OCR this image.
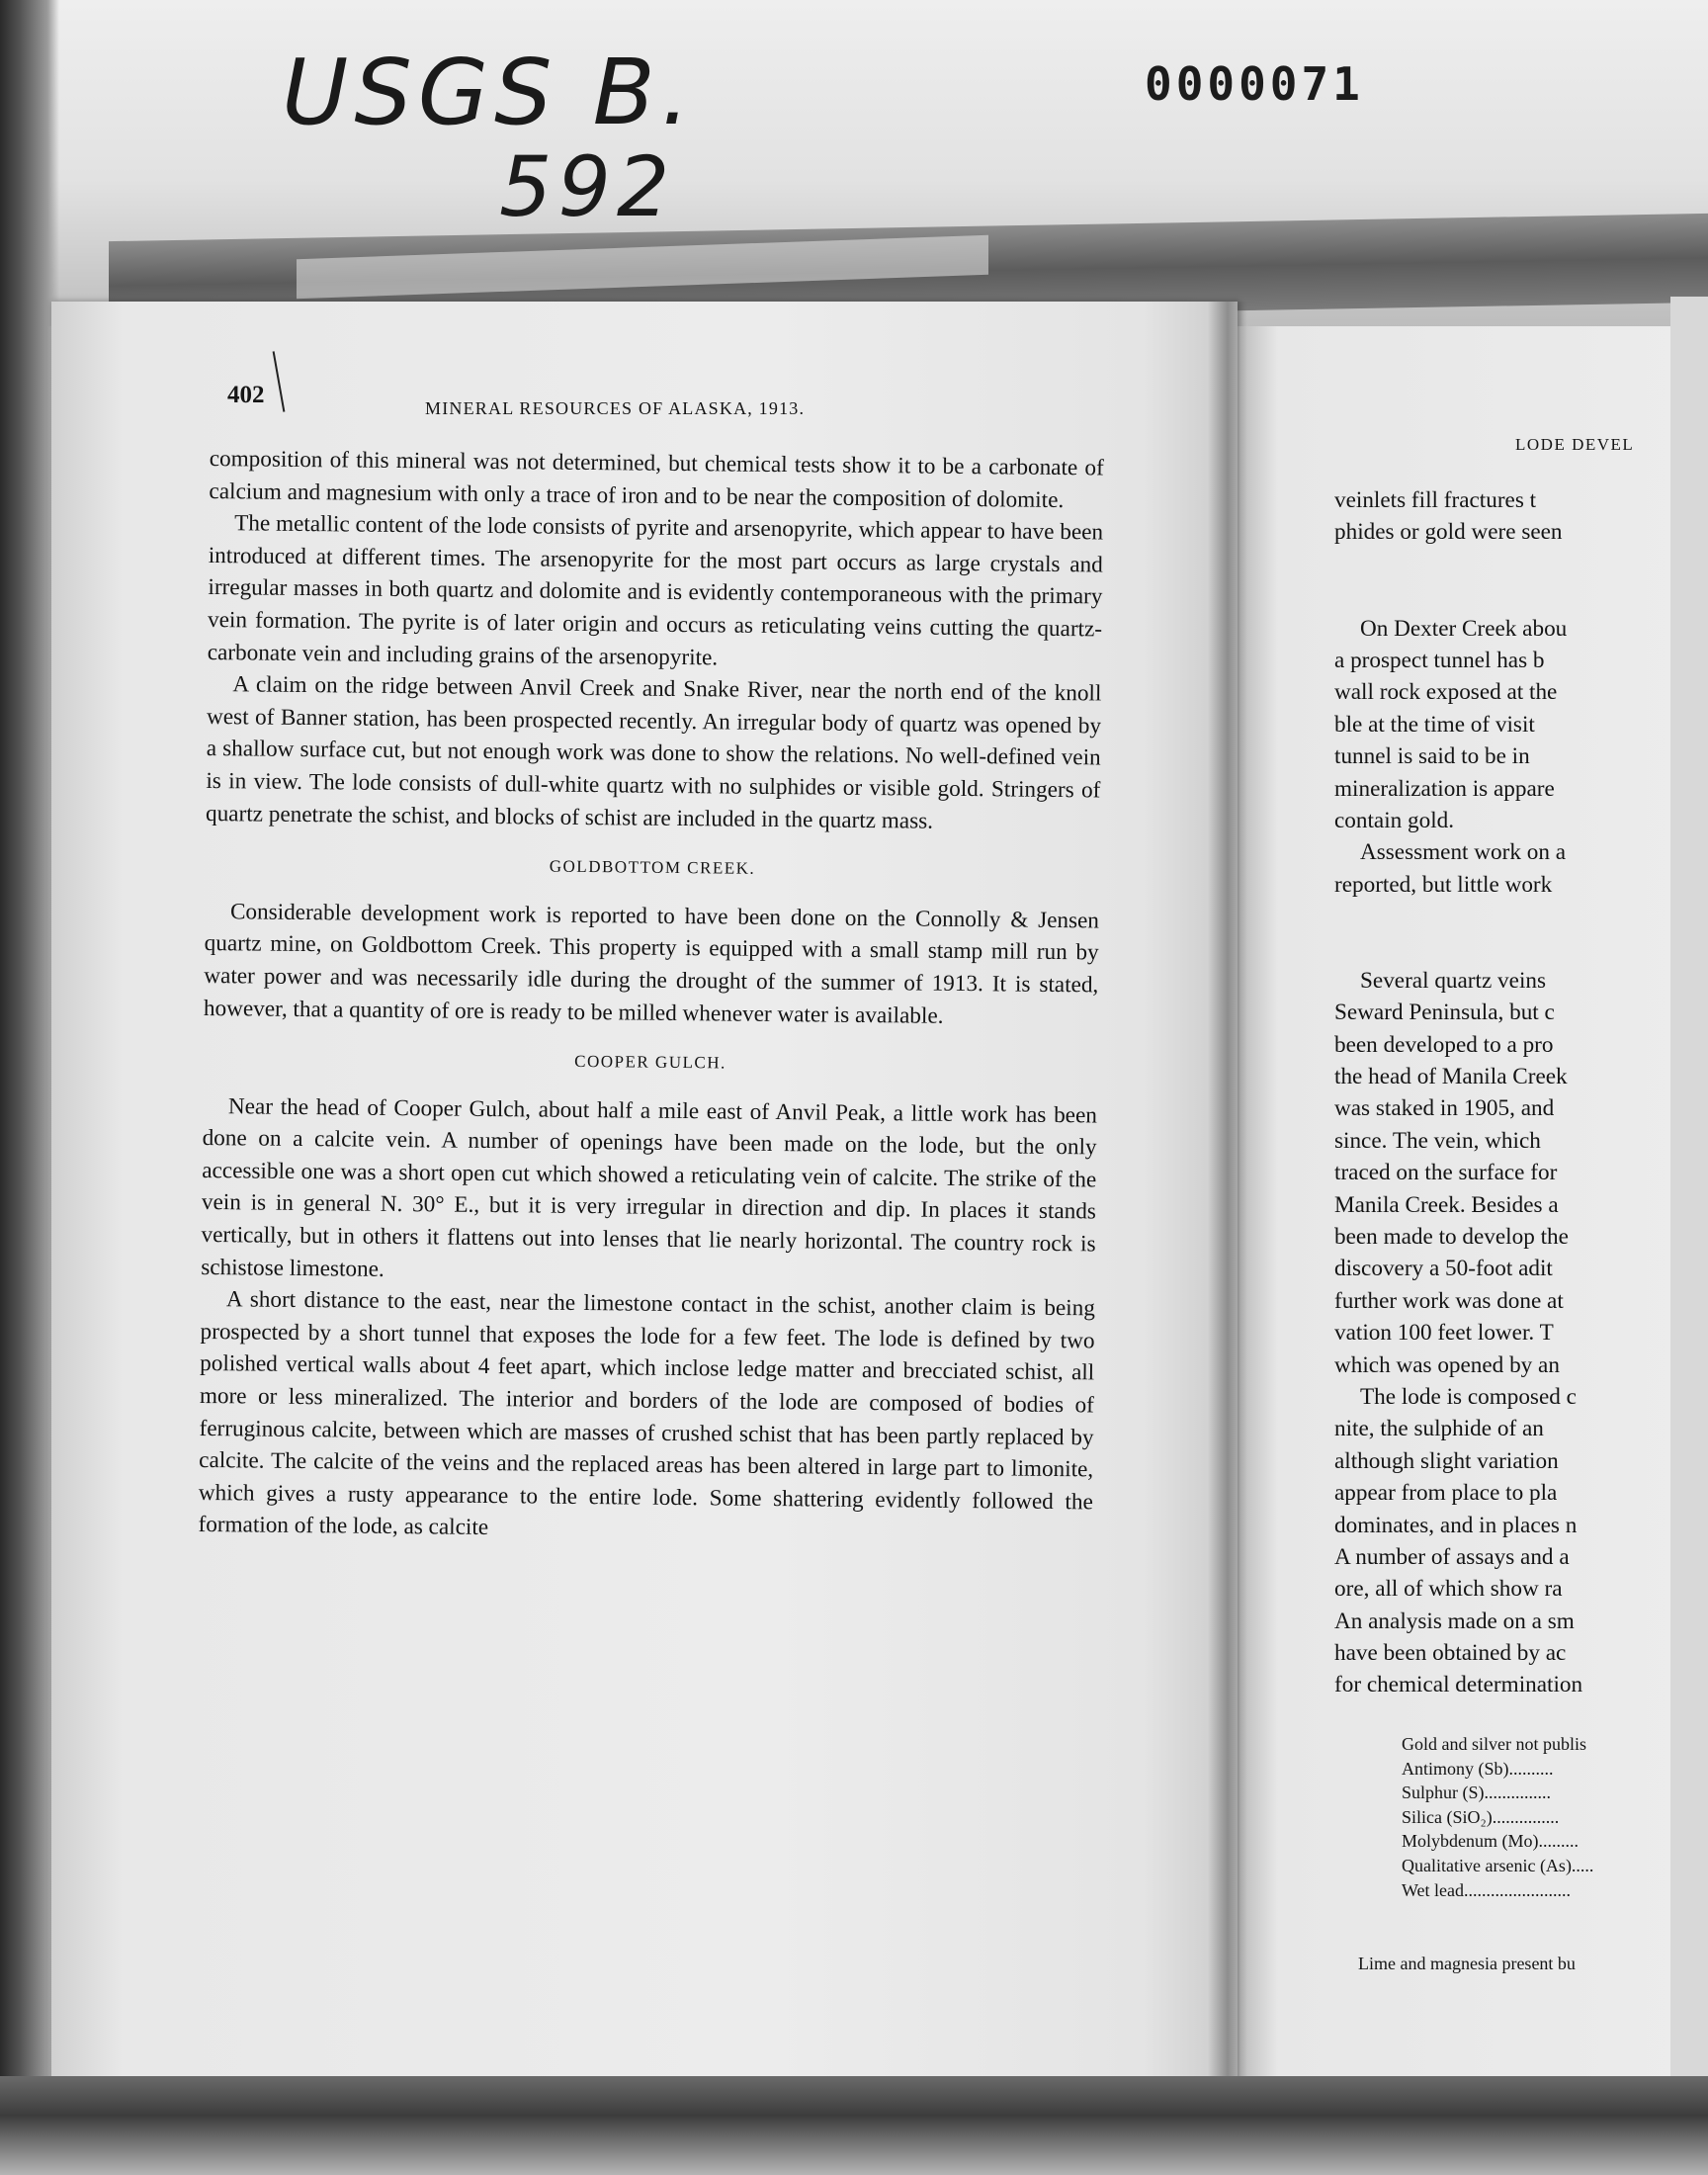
USGS B.
592
0000071
402	MINERAL RESOURCES OF ALASKA, 1913.

composition of this mineral was not determined, but chemical tests show it to be a carbonate of calcium and magnesium with only a trace of iron and to be near the composition of dolomite.

The metallic content of the lode consists of pyrite and arsenopyrite, which appear to have been introduced at different times. The arsenopyrite for the most part occurs as large crystals and irregular masses in both quartz and dolomite and is evidently contemporaneous with the primary vein formation. The pyrite is of later origin and occurs as reticulating veins cutting the quartz-carbonate vein and including grains of the arsenopyrite.

A claim on the ridge between Anvil Creek and Snake River, near the north end of the knoll west of Banner station, has been prospected recently. An irregular body of quartz was opened by a shallow surface cut, but not enough work was done to show the relations. No well-defined vein is in view. The lode consists of dull-white quartz with no sulphides or visible gold. Stringers of quartz penetrate the schist, and blocks of schist are included in the quartz mass.

GOLDBOTTOM CREEK.

Considerable development work is reported to have been done on the Connolly & Jensen quartz mine, on Goldbottom Creek. This property is equipped with a small stamp mill run by water power and was necessarily idle during the drought of the summer of 1913. It is stated, however, that a quantity of ore is ready to be milled whenever water is available.

COOPER GULCH.

Near the head of Cooper Gulch, about half a mile east of Anvil Peak, a little work has been done on a calcite vein. A number of openings have been made on the lode, but the only accessible one was a short open cut which showed a reticulating vein of calcite. The strike of the vein is in general N. 30° E., but it is very irregular in direction and dip. In places it stands vertically, but in others it flattens out into lenses that lie nearly horizontal. The country rock is schistose limestone.

A short distance to the east, near the limestone contact in the schist, another claim is being prospected by a short tunnel that exposes the lode for a few feet. The lode is defined by two polished vertical walls about 4 feet apart, which inclose ledge matter and brecciated schist, all more or less mineralized. The interior and borders of the lode are composed of bodies of ferruginous calcite, between which are masses of crushed schist that has been partly replaced by calcite. The calcite of the veins and the replaced areas has been altered in large part to limonite, which gives a rusty appearance to the entire lode. Some shattering evidently followed the formation of the lode, as calcite

LODE DEVEL
veinlets fill fractures t
phides or gold were seen
On Dexter Creek abou
a prospect tunnel has b
wall rock exposed at the
ble at the time of visit
tunnel is said to be in
mineralization is appare
contain gold.
Assessment work on a
reported, but little work
Several quartz veins
Seward Peninsula, but c
been developed to a pro
the head of Manila Creek
was staked in 1905, and
since. The vein, which
traced on the surface for
Manila Creek. Besides a
been made to develop the
discovery a 50-foot adit
further work was done at
vation 100 feet lower. T
which was opened by an
The lode is composed c
nite, the sulphide of an
although slight variation
appear from place to pla
dominates, and in places n
A number of assays and a
ore, all of which show ra
An analysis made on a sm
have been obtained by ac
for chemical determination
Gold and silver not publis
Antimony (Sb)..........
Sulphur (S)...............
Silica (SiO₂)...............
Molybdenum (Mo).........
Qualitative arsenic (As).....
Wet lead........................
Lime and magnesia present bu
